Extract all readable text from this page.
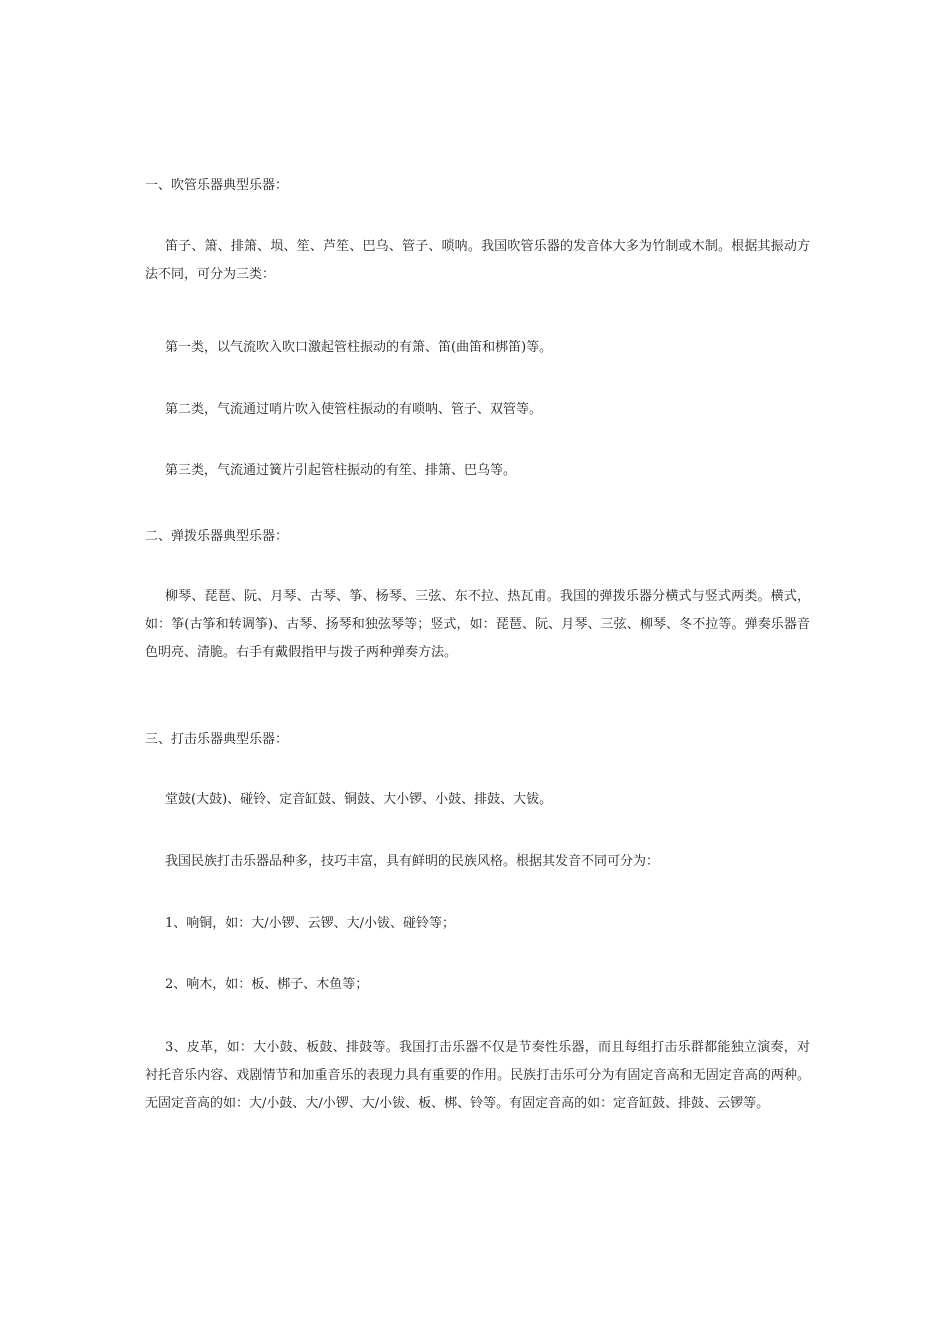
一、吹管乐器典型乐器：

笛子、箫、排箫、埙、笙、芦笙、巴乌、管子、唢呐。我国吹管乐器的发音体大多为竹制或木制。根据其振动方法不同，可分为三类：

第一类，以气流吹入吹口激起管柱振动的有箫、笛(曲笛和梆笛)等。

第二类，气流通过哨片吹入使管柱振动的有唢呐、管子、双管等。

第三类，气流通过簧片引起管柱振动的有笙、排箫、巴乌等。

二、弹拨乐器典型乐器：

柳琴、琵琶、阮、月琴、古琴、筝、杨琴、三弦、东不拉、热瓦甫。我国的弹拨乐器分横式与竖式两类。横式，如：筝(古筝和转调筝)、古琴、扬琴和独弦琴等；竖式，如：琵琶、阮、月琴、三弦、柳琴、冬不拉等。弹奏乐器音色明亮、清脆。右手有戴假指甲与拨子两种弹奏方法。

三、打击乐器典型乐器：

堂鼓(大鼓)、碰铃、定音缸鼓、铜鼓、大小锣、小鼓、排鼓、大钹。

我国民族打击乐器品种多，技巧丰富，具有鲜明的民族风格。根据其发音不同可分为：

1、响铜，如：大/小锣、云锣、大/小钹、碰铃等；

2、响木，如：板、梆子、木鱼等；

3、皮革，如：大小鼓、板鼓、排鼓等。我国打击乐器不仅是节奏性乐器，而且每组打击乐群都能独立演奏，对衬托音乐内容、戏剧情节和加重音乐的表现力具有重要的作用。民族打击乐可分为有固定音高和无固定音高的两种。无固定音高的如：大/小鼓、大/小锣、大/小钹、板、梆、铃等。有固定音高的如：定音缸鼓、排鼓、云锣等。
